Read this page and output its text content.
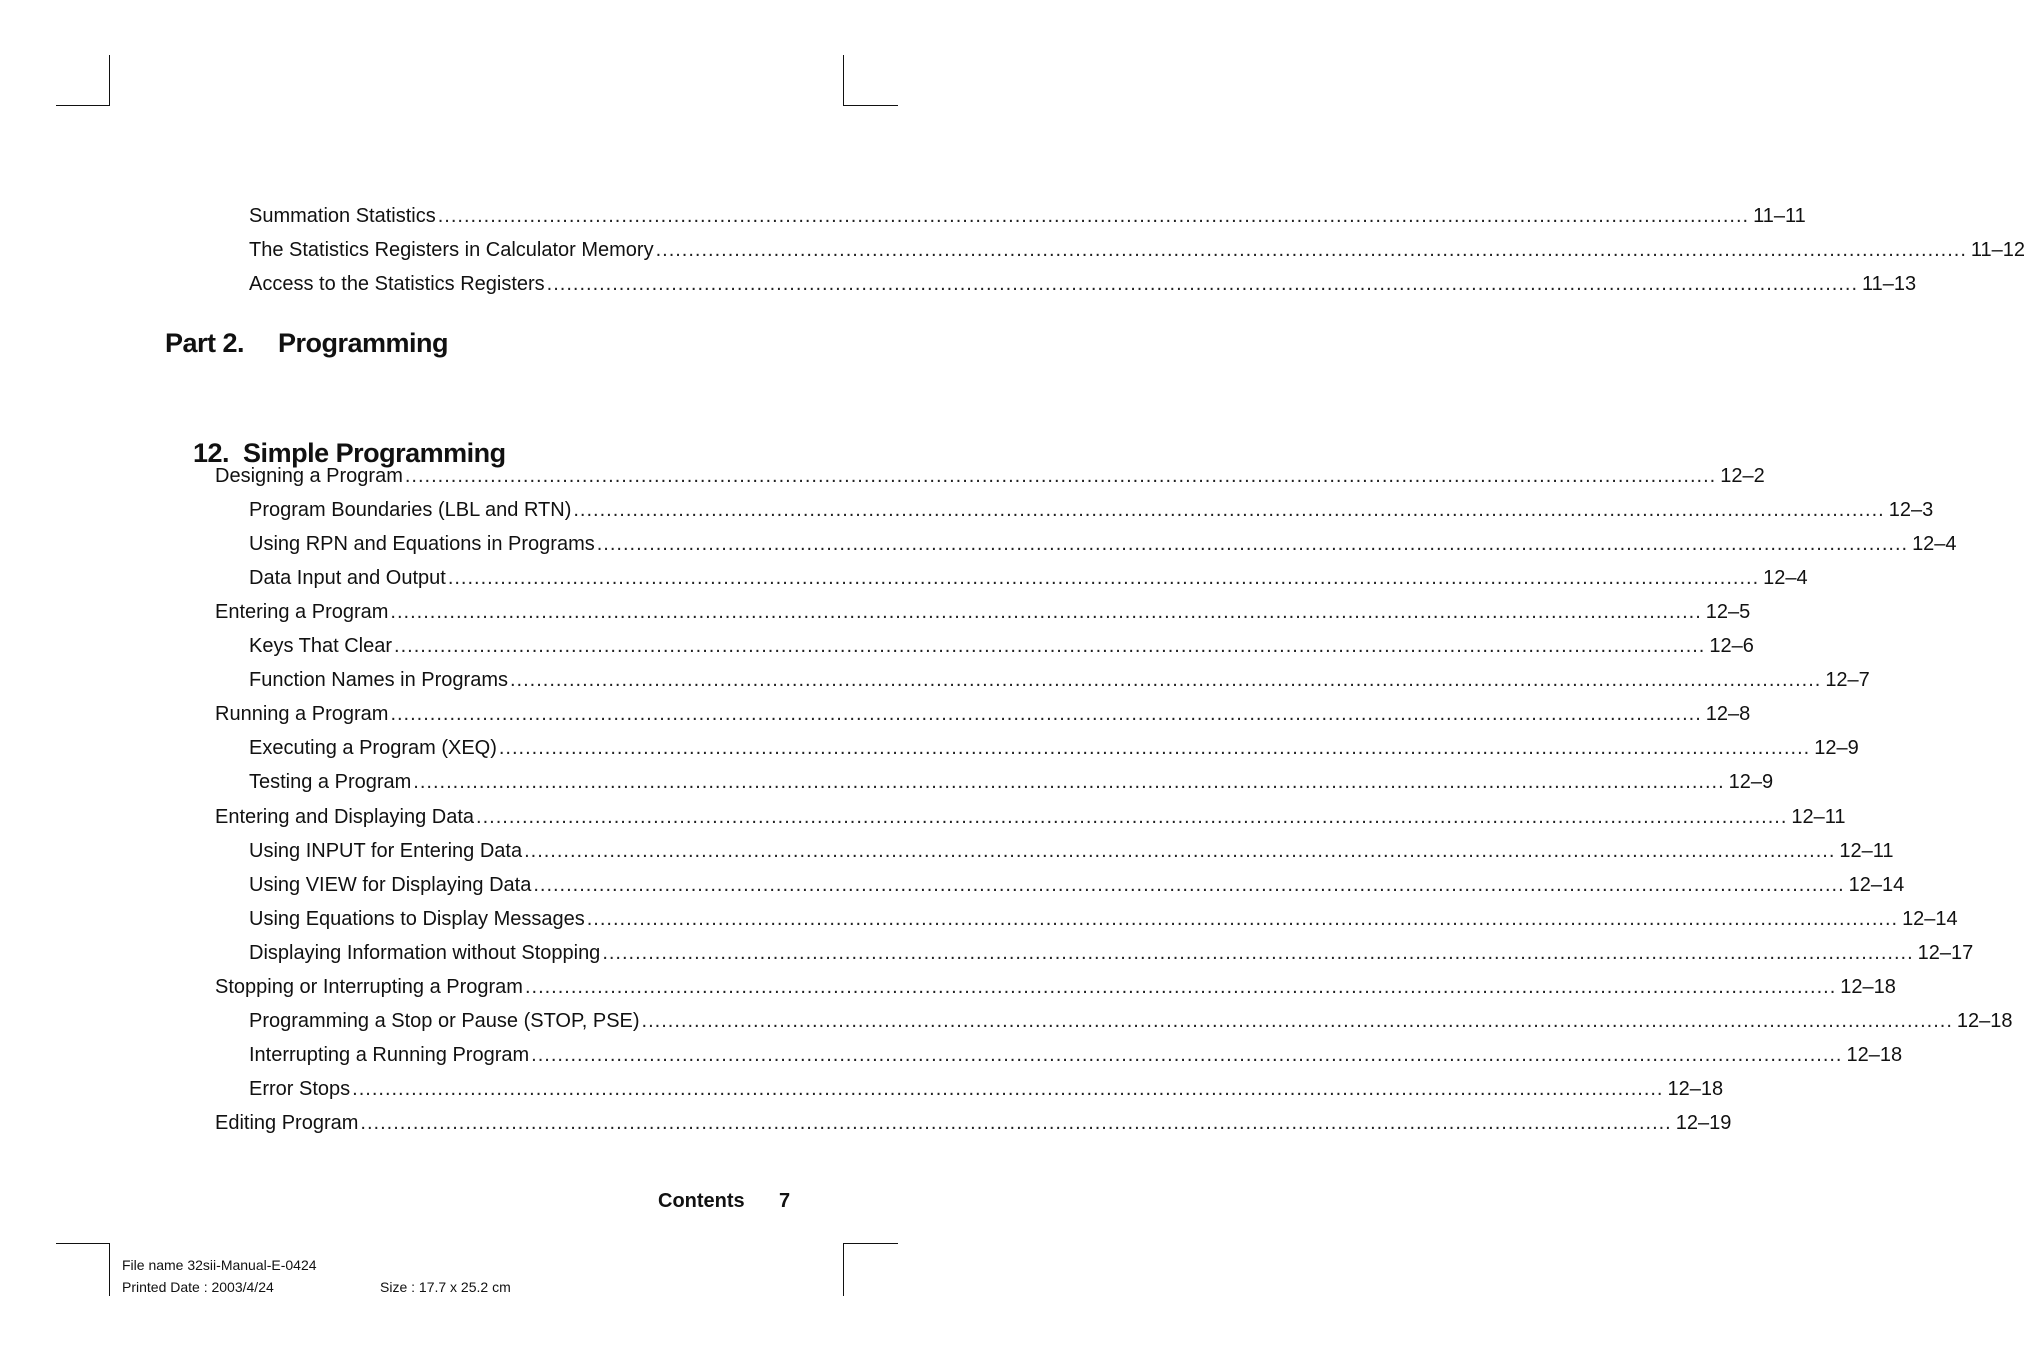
Summation Statistics ........................................................................................................................................................................................................ 11–11
The Statistics Registers in Calculator Memory ........................................................................................................................................................................................................ 11–12
Access to the Statistics Registers ........................................................................................................................................................................................................ 11–13
Part 2. Programming

12.  Simple Programming

Designing a Program ........................................................................................................................................................................................................ 12–2
Program Boundaries (LBL and RTN) ........................................................................................................................................................................................................ 12–3
Using RPN and Equations in Programs ........................................................................................................................................................................................................ 12–4
Data Input and Output ........................................................................................................................................................................................................ 12–4
Entering a Program ........................................................................................................................................................................................................ 12–5
Keys That Clear ........................................................................................................................................................................................................ 12–6
Function Names in Programs ........................................................................................................................................................................................................ 12–7
Running a Program ........................................................................................................................................................................................................ 12–8
Executing a Program (XEQ) ........................................................................................................................................................................................................ 12–9
Testing a Program ........................................................................................................................................................................................................ 12–9
Entering and Displaying Data ........................................................................................................................................................................................................ 12–11
Using INPUT for Entering Data ........................................................................................................................................................................................................ 12–11
Using VIEW for Displaying Data ........................................................................................................................................................................................................ 12–14
Using Equations to Display Messages ........................................................................................................................................................................................................ 12–14
Displaying Information without Stopping ........................................................................................................................................................................................................ 12–17
Stopping or Interrupting a Program ........................................................................................................................................................................................................ 12–18
Programming a Stop or Pause (STOP, PSE) ........................................................................................................................................................................................................ 12–18
Interrupting a Running Program ........................................................................................................................................................................................................ 12–18
Error Stops ........................................................................................................................................................................................................ 12–18
Editing Program ........................................................................................................................................................................................................ 12–19
Contents 7
File name 32sii-Manual-E-0424
Printed Date : 2003/4/24	Size : 17.7 x 25.2 cm
